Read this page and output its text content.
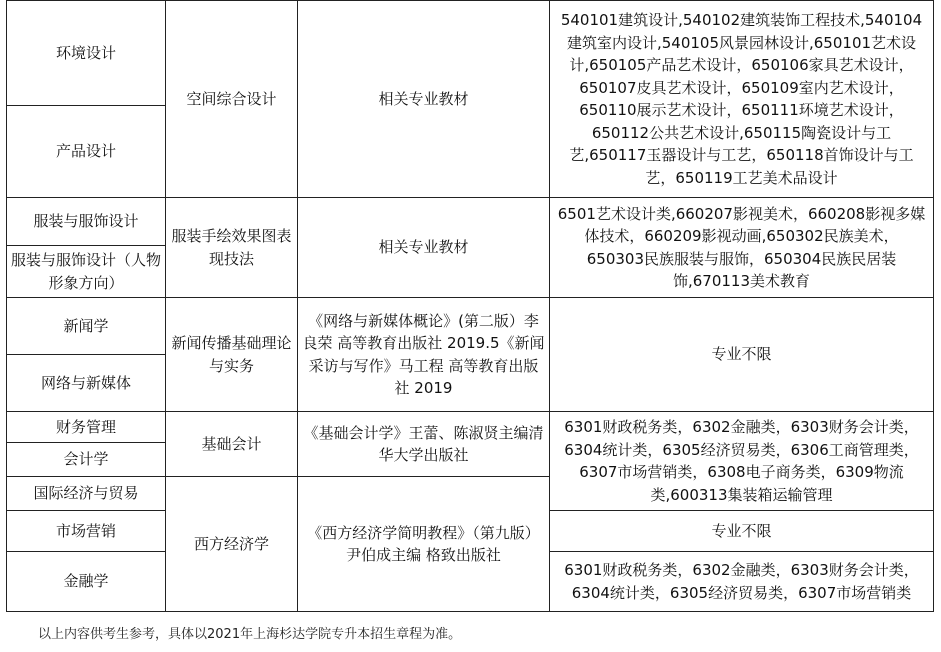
环境设计
产品设计
空间综合设计	相关专业教材
540101建筑设计,540102建筑装饰工程技术,540104建筑室内设计,540105风景园林设计,650101艺术设计,650105产品艺术设计，650106家具艺术设计，650107皮具艺术设计，650109室内艺术设计，650110展示艺术设计，650111环境艺术设计，650112公共艺术设计,650115陶瓷设计与工艺,650117玉器设计与工艺，650118首饰设计与工艺，650119工艺美术品设计
服装与服饰设计
服装与服饰设计（人物形象方向）
服装手绘效果图表现技法
相关专业教材
6501艺术设计类,660207影视美术，660208影视多媒体技术，660209影视动画,650302民族美术，650303民族服装与服饰，650304民族民居装饰,670113美术教育
新闻学
网络与新媒体
新闻传播基础理论与实务
《网络与新媒体概论》(第二版）李良荣 高等教育出版社 2019.5《新闻采访与写作》马工程 高等教育出版社 2019
专业不限
财务管理
会计学
基础会计
《基础会计学》王蕾、陈淑贤主编清华大学出版社
6301财政税务类，6302金融类，6303财务会计类，6304统计类，6305经济贸易类，6306工商管理类，6307市场营销类，6308电子商务类，6309物流类,600313集装箱运输管理
国际经济与贸易
市场营销
金融学
西方经济学
《西方经济学简明教程》（第九版）尹伯成主编 格致出版社
专业不限
6301财政税务类，6302金融类，6303财务会计类，6304统计类，6305经济贸易类，6307市场营销类
以上内容供考生参考，具体以2021年上海杉达学院专升本招生章程为准。
